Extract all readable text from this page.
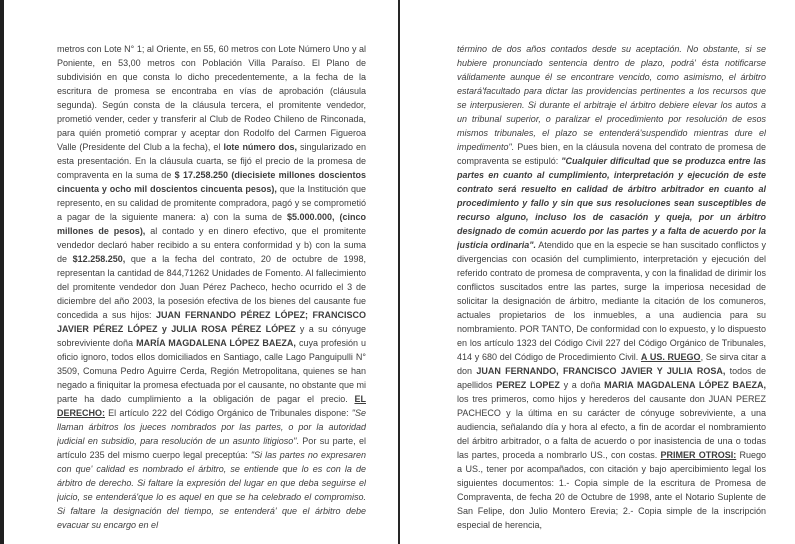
metros con Lote N° 1; al Oriente, en 55, 60 metros con Lote Número Uno y al Poniente, en 53,00 metros con Población Villa Paraíso. El Plano de subdivisión en que consta lo dicho precedentemente, a la fecha de la escritura de promesa se encontraba en vías de aprobación (cláusula segunda). Según consta de la cláusula tercera, el promitente vendedor, prometió vender, ceder y transferir al Club de Rodeo Chileno de Rinconada, para quién prometió comprar y aceptar don Rodolfo del Carmen Figueroa Valle (Presidente del Club a la fecha), el lote número dos, singularizado en esta presentación. En la cláusula cuarta, se fijó el precio de la promesa de compraventa en la suma de $ 17.258.250 (diecisiete millones doscientos cincuenta y ocho mil doscientos cincuenta pesos), que la Institución que represento, en su calidad de promitente compradora, pagó y se comprometió a pagar de la siguiente manera: a) con la suma de $5.000.000, (cinco millones de pesos), al contado y en dinero efectivo, que el promitente vendedor declaró haber recibido a su entera conformidad y b) con la suma de $12.258.250, que a la fecha del contrato, 20 de octubre de 1998, representan la cantidad de 844,71262 Unidades de Fomento. Al fallecimiento del promitente vendedor don Juan Pérez Pacheco, hecho ocurrido el 3 de diciembre del año 2003, la posesión efectiva de los bienes del causante fue concedida a sus hijos: JUAN FERNANDO PÉREZ LÓPEZ; FRANCISCO JAVIER PÉREZ LÓPEZ y JULIA ROSA PÉREZ LÓPEZ y a su cónyuge sobreviviente doña MARÍA MAGDALENA LÓPEZ BAEZA, cuya profesión u oficio ignoro, todos ellos domiciliados en Santiago, calle Lago Panguipulli N° 3509, Comuna Pedro Aguirre Cerda, Región Metropolitana, quienes se han negado a finiquitar la promesa efectuada por el causante, no obstante que mi parte ha dado cumplimiento a la obligación de pagar el precio. EL DERECHO: El artículo 222 del Código Orgánico de Tribunales dispone: "Se llaman árbitros los jueces nombrados por las partes, o por la autoridad judicial en subsidio, para resolución de un asunto litigioso". Por su parte, el artículo 235 del mismo cuerpo legal preceptúa: "Si las partes no expresaren con que' calidad es nombrado el árbitro, se entiende que lo es con la de árbitro de derecho. Si faltare la expresión del lugar en que deba seguirse el juicio, se entenderá'que lo es aquel en que se ha celebrado el compromiso. Si faltare la designación del tiempo, se entenderá' que el árbitro debe evacuar su encargo en el
término de dos años contados desde su aceptación. No obstante, si se hubiere pronunciado sentencia dentro de plazo, podrá' ésta notificarse válidamente aunque él se encontrare vencido, como asimismo, el árbitro estará'facultado para dictar las providencias pertinentes a los recursos que se interpusieren. Si durante el arbitraje el árbitro debiere elevar los autos a un tribunal superior, o paralizar el procedimiento por resolución de esos mismos tribunales, el plazo se entenderá'suspendido mientras dure el impedimento". Pues bien, en la cláusula novena del contrato de promesa de compraventa se estipuló: "Cualquier dificultad que se produzca entre las partes en cuanto al cumplimiento, interpretación y ejecución de este contrato será resuelto en calidad de árbitro arbitrador en cuanto al procedimiento y fallo y sin que sus resoluciones sean susceptibles de recurso alguno, incluso los de casación y queja, por un árbitro designado de común acuerdo por las partes y a falta de acuerdo por la justicia ordinaria". Atendido que en la especie se han suscitado conflictos y divergencias con ocasión del cumplimiento, interpretación y ejecución del referido contrato de promesa de compraventa, y con la finalidad de dirimir los conflictos suscitados entre las partes, surge la imperiosa necesidad de solicitar la designación de árbitro, mediante la citación de los comuneros, actuales propietarios de los inmuebles, a una audiencia para su nombramiento. POR TANTO, De conformidad con lo expuesto, y lo dispuesto en los artículo 1323 del Código Civil 227 del Código Orgánico de Tribunales, 414 y 680 del Código de Procedimiento Civil. A US. RUEGO, Se sirva citar a don JUAN FERNANDO, FRANCISCO JAVIER Y JULIA ROSA, todos de apellidos PEREZ LOPEZ y a doña MARIA MAGDALENA LÓPEZ BAEZA, los tres primeros, como hijos y herederos del causante don JUAN PEREZ PACHECO y la última en su carácter de cónyuge sobreviviente, a una audiencia, señalando día y hora al efecto, a fin de acordar el nombramiento del árbitro arbitrador, o a falta de acuerdo o por inasistencia de una o todas las partes, proceda a nombrarlo US., con costas. PRIMER OTROSI: Ruego a US., tener por acompañados, con citación y bajo apercibimiento legal los siguientes documentos: 1.- Copia simple de la escritura de Promesa de Compraventa, de fecha 20 de Octubre de 1998, ante el Notario Suplente de San Felipe, don Julio Montero Erevia; 2.- Copia simple de la inscripción especial de herencia,
